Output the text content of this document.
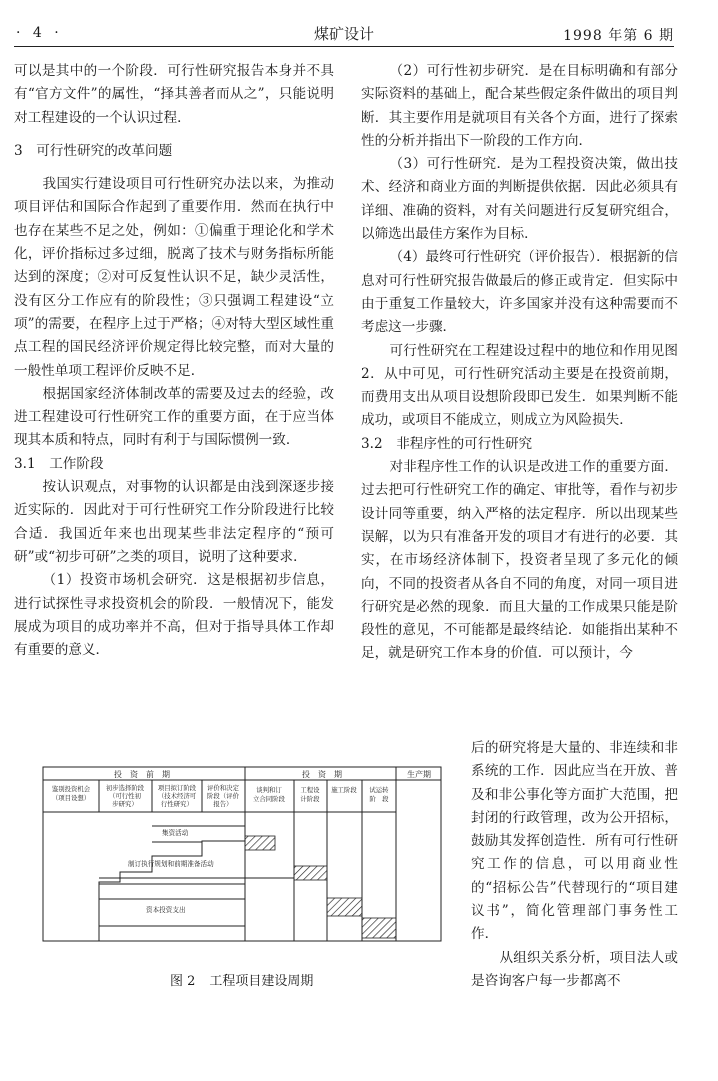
· 4 ·	煤矿设计	1998 年第 6 期

可以是其中的一个阶段．可行性研究报告本身并不具有“官方文件”的属性，“择其善者而从之”，只能说明对工程建设的一个认识过程．

3　可行性研究的改革问题

我国实行建设项目可行性研究办法以来，为推动项目评估和国际合作起到了重要作用．然而在执行中也存在某些不足之处，例如：①偏重于理论化和学术化，评价指标过多过细，脱离了技术与财务指标所能达到的深度；②对可反复性认识不足，缺少灵活性，没有区分工作应有的阶段性；③只强调工程建设“立项”的需要，在程序上过于严格；④对特大型区域性重点工程的国民经济评价规定得比较完整，而对大量的一般性单项工程评价反映不足．

根据国家经济体制改革的需要及过去的经验，改进工程建设可行性研究工作的重要方面，在于应当体现其本质和特点，同时有利于与国际惯例一致．

3.1　工作阶段

按认识观点，对事物的认识都是由浅到深逐步接近实际的．因此对于可行性研究工作分阶段进行比较合适．我国近年来也出现某些非法定程序的“预可研”或“初步可研”之类的项目，说明了这种要求．

（1）投资市场机会研究．这是根据初步信息，进行试探性寻求投资机会的阶段．一般情况下，能发展成为项目的成功率并不高，但对于指导具体工作却有重要的意义．

（2）可行性初步研究．是在目标明确和有部分实际资料的基础上，配合某些假定条件做出的项目判断．其主要作用是就项目有关各个方面，进行了探索性的分析并指出下一阶段的工作方向．

（3）可行性研究．是为工程投资决策，做出技术、经济和商业方面的判断提供依据．因此必须具有详细、准确的资料，对有关问题进行反复研究组合，以筛选出最佳方案作为目标．

（4）最终可行性研究（评价报告）．根据新的信息对可行性研究报告做最后的修正或肯定．但实际中由于重复工作量较大，许多国家并没有这种需要而不考虑这一步骤．

可行性研究在工程建设过程中的地位和作用见图2．从中可见，可行性研究活动主要是在投资前期，而费用支出从项目设想阶段即已发生．如果判断不能成功，或项目不能成立，则成立为风险损失．

3.2　非程序性的可行性研究

对非程序性工作的认识是改进工作的重要方面．过去把可行性研究工作的确定、审批等，看作与初步设计同等重要，纳入严格的法定程序．所以出现某些误解，以为只有准备开发的项目才有进行的必要．其实，在市场经济体制下，投资者呈现了多元化的倾向，不同的投资者从各自不同的角度，对同一项目进行研究是必然的现象．而且大量的工作成果只能是阶段性的意见，不可能都是最终结论．如能指出某种不足，就是研究工作本身的价值．可以预计，今

后的研究将是大量的、非连续和非系统的工作．因此应当在开放、普及和非公事化等方面扩大范围，把封闭的行政管理，改为公开招标，鼓励其发挥创造性．所有可行性研究工作的信息，可以用商业性的“招标公告”代替现行的“项目建议书”，简化管理部门事务性工作．

从组织关系分析，项目法人或是咨询客户每一步都离不

投　资　前　期	投　资　期	生产期
鉴别投资机会
（项目设想）
初步选择阶段
（可行性初
步研究）
项目拟订阶段
（技术经济可
行性研究）
评价和决定
阶段（评价
报告）
谈判和订
立合同阶段
工程设
计阶段
施工阶段 试运转
阶　段
集资活动
制订执行规划和前期准备活动
资本投资支出
图 2 工程项目建设周期
